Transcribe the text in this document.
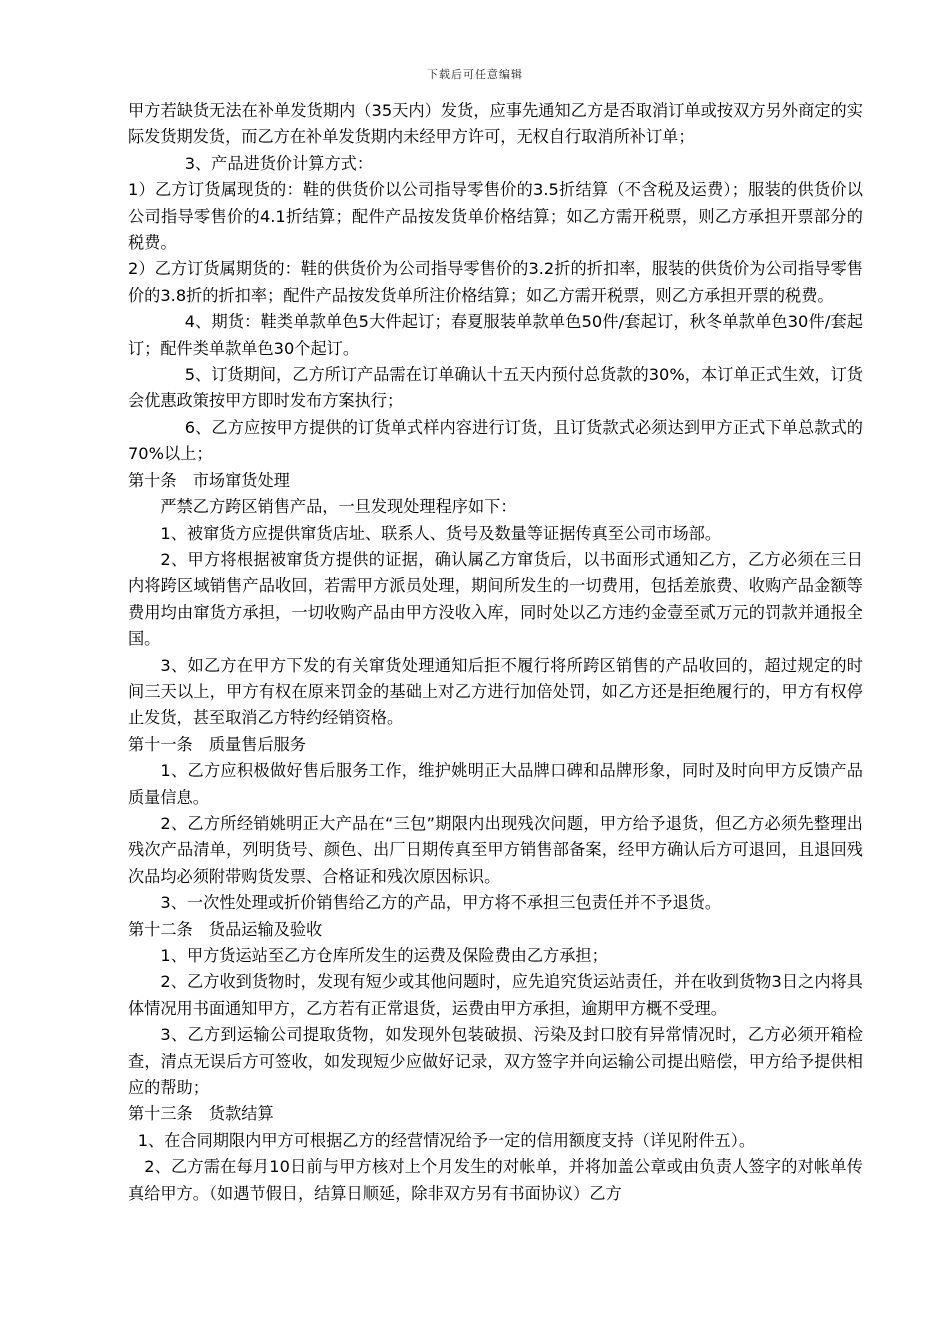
下载后可任意编辑

甲方若缺货无法在补单发货期内（35天内）发货，应事先通知乙方是否取消订单或按双方另外商定的实际发货期发货，而乙方在补单发货期内未经甲方许可，无权自行取消所补订单；

3、产品进货价计算方式：

1）乙方订货属现货的：鞋的供货价以公司指导零售价的3.5折结算（不含税及运费）；服装的供货价以公司指导零售价的4.1折结算；配件产品按发货单价格结算；如乙方需开税票，则乙方承担开票部分的税费。

2）乙方订货属期货的：鞋的供货价为公司指导零售价的3.2折的折扣率，服装的供货价为公司指导零售价的3.8折的折扣率；配件产品按发货单所注价格结算；如乙方需开税票，则乙方承担开票的税费。

4、期货：鞋类单款单色5大件起订；春夏服装单款单色50件/套起订，秋冬单款单色30件/套起订；配件类单款单色30个起订。

5、订货期间，乙方所订产品需在订单确认十五天内预付总货款的30%，本订单正式生效，订货会优惠政策按甲方即时发布方案执行；

6、乙方应按甲方提供的订货单式样内容进行订货，且订货款式必须达到甲方正式下单总款式的70%以上；

第十条　市场窜货处理

严禁乙方跨区销售产品，一旦发现处理程序如下：

1、被窜货方应提供窜货店址、联系人、货号及数量等证据传真至公司市场部。

2、甲方将根据被窜货方提供的证据，确认属乙方窜货后，以书面形式通知乙方，乙方必须在三日内将跨区域销售产品收回，若需甲方派员处理，期间所发生的一切费用，包括差旅费、收购产品金额等费用均由窜货方承担，一切收购产品由甲方没收入库，同时处以乙方违约金壹至贰万元的罚款并通报全国。

3、如乙方在甲方下发的有关窜货处理通知后拒不履行将所跨区销售的产品收回的，超过规定的时间三天以上，甲方有权在原来罚金的基础上对乙方进行加倍处罚，如乙方还是拒绝履行的，甲方有权停止发货，甚至取消乙方特约经销资格。

第十一条　质量售后服务

1、乙方应积极做好售后服务工作，维护姚明正大品牌口碑和品牌形象，同时及时向甲方反馈产品质量信息。

2、乙方所经销姚明正大产品在“三包”期限内出现残次问题，甲方给予退货，但乙方必须先整理出残次产品清单，列明货号、颜色、出厂日期传真至甲方销售部备案，经甲方确认后方可退回，且退回残次品均必须附带购货发票、合格证和残次原因标识。

3、一次性处理或折价销售给乙方的产品，甲方将不承担三包责任并不予退货。

第十二条　货品运输及验收

1、甲方货运站至乙方仓库所发生的运费及保险费由乙方承担；

2、乙方收到货物时，发现有短少或其他问题时，应先追究货运站责任，并在收到货物3日之内将具体情况用书面通知甲方，乙方若有正常退货，运费由甲方承担，逾期甲方概不受理。

3、乙方到运输公司提取货物，如发现外包装破损、污染及封口胶有异常情况时，乙方必须开箱检查，清点无误后方可签收，如发现短少应做好记录，双方签字并向运输公司提出赔偿，甲方给予提供相应的帮助；

第十三条　货款结算

1、在合同期限内甲方可根据乙方的经营情况给予一定的信用额度支持（详见附件五）。

2、乙方需在每月10日前与甲方核对上个月发生的对帐单，并将加盖公章或由负责人签字的对帐单传真给甲方。（如遇节假日，结算日顺延，除非双方另有书面协议）乙方
